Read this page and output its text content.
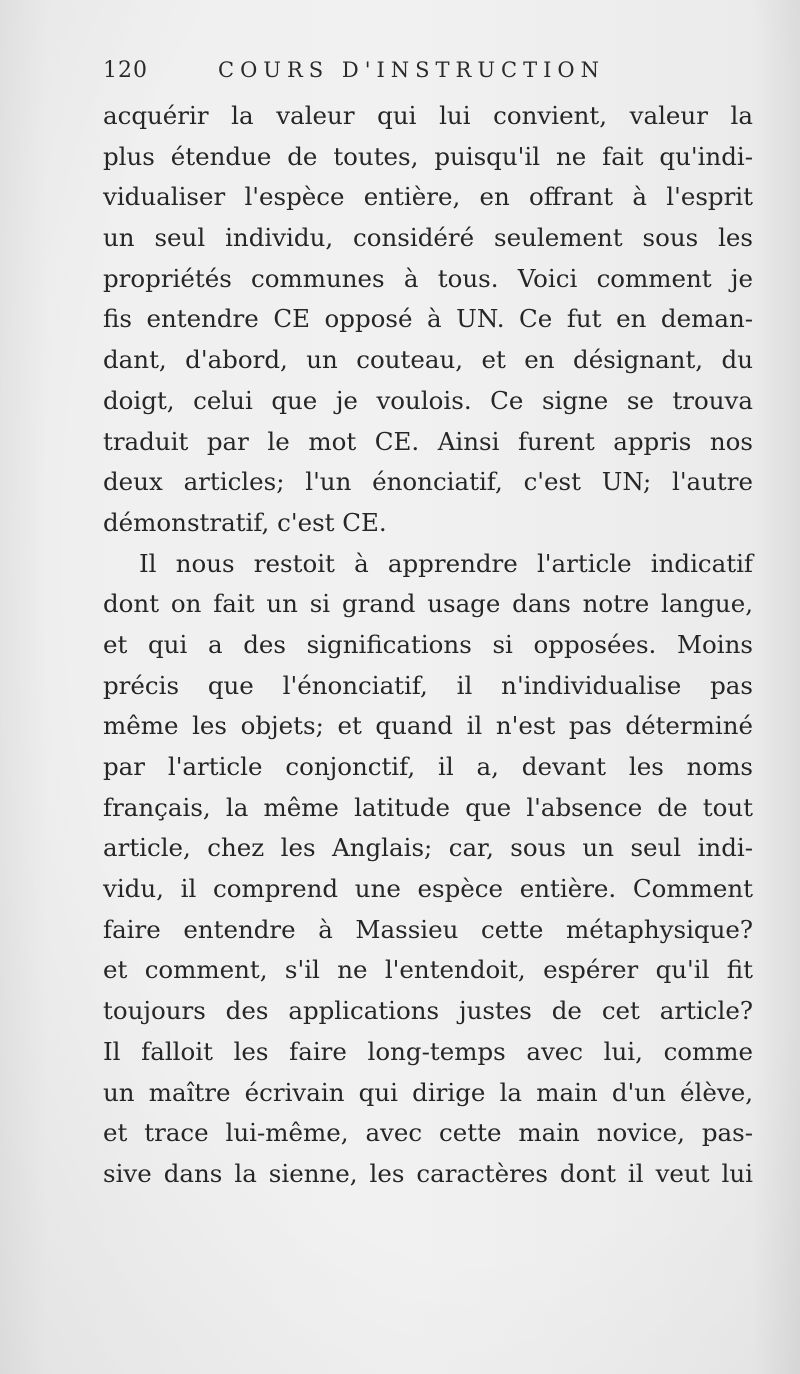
120	COURS D'INSTRUCTION
acquérir la valeur qui lui convient, valeur la
plus étendue de toutes, puisqu'il ne fait qu'indi-
vidualiser l'espèce entière, en offrant à l'esprit
un seul individu, considéré seulement sous les
propriétés communes à tous. Voici comment je
fis entendre CE opposé à UN. Ce fut en deman-
dant, d'abord, un couteau, et en désignant, du
doigt, celui que je voulois. Ce signe se trouva
traduit par le mot CE. Ainsi furent appris nos
deux articles; l'un énonciatif, c'est UN; l'autre
démonstratif, c'est CE.
Il nous restoit à apprendre l'article indicatif
dont on fait un si grand usage dans notre langue,
et qui a des significations si opposées. Moins
précis que l'énonciatif, il n'individualise pas
même les objets; et quand il n'est pas déterminé
par l'article conjonctif, il a, devant les noms
français, la même latitude que l'absence de tout
article, chez les Anglais; car, sous un seul indi-
vidu, il comprend une espèce entière. Comment
faire entendre à Massieu cette métaphysique?
et comment, s'il ne l'entendoit, espérer qu'il fit
toujours des applications justes de cet article?
Il falloit les faire long-temps avec lui, comme
un maître écrivain qui dirige la main d'un élève,
et trace lui-même, avec cette main novice, pas-
sive dans la sienne, les caractères dont il veut lui
